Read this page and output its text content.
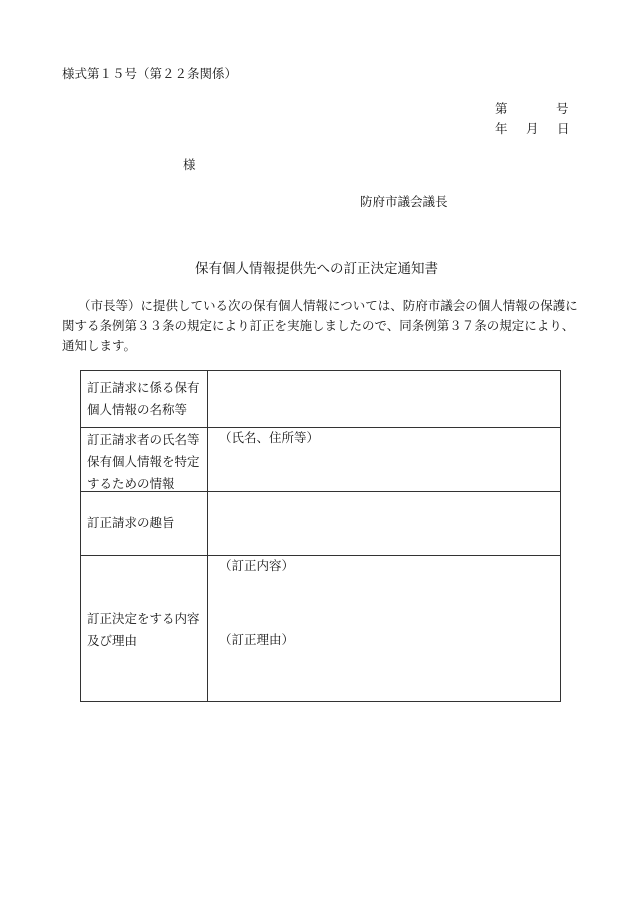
様式第１５号（第２２条関係）
第	号
年 月 日
様
防府市議会議長
保有個人情報提供先への訂正決定通知書
（市長等）に提供している次の保有個人情報については、防府市議会の個人情報の保護に
関する条例第３３条の規定により訂正を実施しましたので、同条例第３７条の規定により、
通知します。
訂正請求に係る保有
個人情報の名称等
訂正請求者の氏名等
保有個人情報を特定
するための情報
（氏名、住所等）
訂正請求の趣旨
訂正決定をする内容
及び理由
（訂正内容）
（訂正理由）
